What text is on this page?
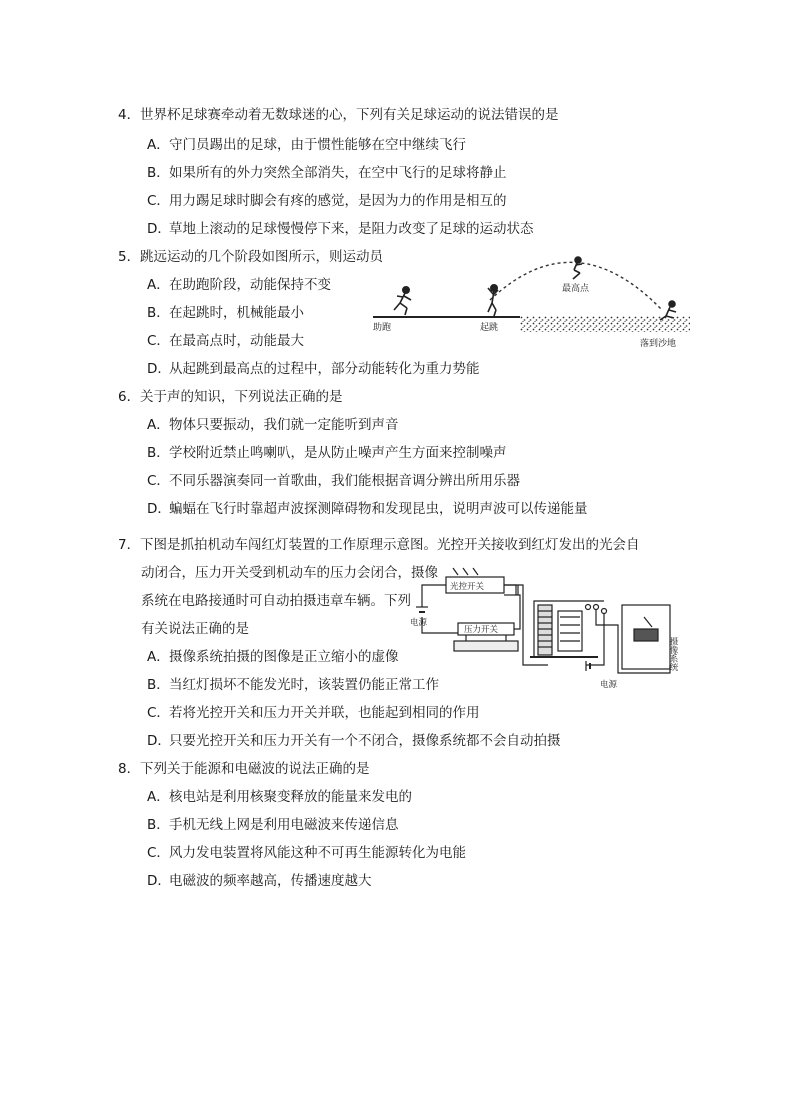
4．世界杯足球赛牵动着无数球迷的心，下列有关足球运动的说法错误的是
A．守门员踢出的足球，由于惯性能够在空中继续飞行
B．如果所有的外力突然全部消失，在空中飞行的足球将静止
C．用力踢足球时脚会有疼的感觉，是因为力的作用是相互的
D．草地上滚动的足球慢慢停下来，是阻力改变了足球的运动状态
5．跳远运动的几个阶段如图所示，则运动员
A．在助跑阶段，动能保持不变
B．在起跳时，机械能最小
C．在最高点时，动能最大
D．从起跳到最高点的过程中，部分动能转化为重力势能
助跑	起跳
最高点
落到沙地
6．关于声的知识，下列说法正确的是
A．物体只要振动，我们就一定能听到声音
B．学校附近禁止鸣喇叭，是从防止噪声产生方面来控制噪声
C．不同乐器演奏同一首歌曲，我们能根据音调分辨出所用乐器
D．蝙蝠在飞行时靠超声波探测障碍物和发现昆虫，说明声波可以传递能量
7．下图是抓拍机动车闯红灯装置的工作原理示意图。光控开关接收到红灯发出的光会自
动闭合，压力开关受到机动车的压力会闭合，摄像
系统在电路接通时可自动拍摄违章车辆。下列
有关说法正确的是
A．摄像系统拍摄的图像是正立缩小的虚像
B．当红灯损坏不能发光时，该装置仍能正常工作
C．若将光控开关和压力开关并联，也能起到相同的作用
D．只要光控开关和压力开关有一个不闭合，摄像系统都不会自动拍摄
光控开关
压力开关
电源
电源
摄像系统
8．下列关于能源和电磁波的说法正确的是
A．核电站是利用核聚变释放的能量来发电的
B．手机无线上网是利用电磁波来传递信息
C．风力发电装置将风能这种不可再生能源转化为电能
D．电磁波的频率越高，传播速度越大
